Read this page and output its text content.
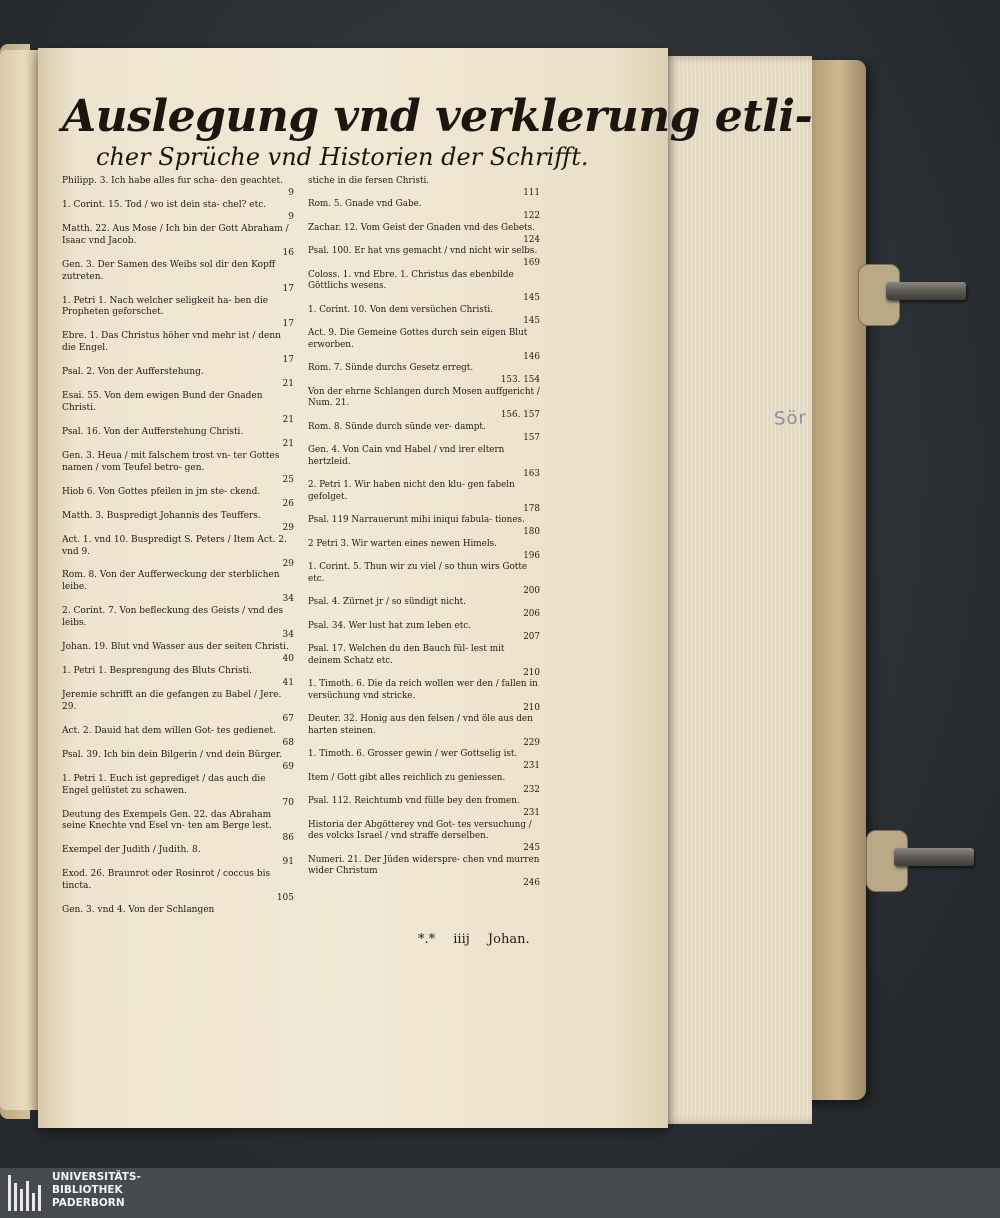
Sör
Auslegung vnd verklerung etli-
cher Sprüche vnd Historien der Schrifft.
Philipp. 3. Ich habe alles fur scha- den geachtet.
9
1. Corint. 15. Tod / wo ist dein sta- chel? etc.
9
Matth. 22. Aus Mose / Ich bin der Gott Abraham / Isaac vnd Jacob.
16
Gen. 3. Der Samen des Weibs sol dir den Kopff zutreten.
17
1. Petri 1. Nach welcher seligkeit ha- ben die Propheten geforschet.
17
Ebre. 1. Das Christus höher vnd mehr ist / denn die Engel.
17
Psal. 2. Von der Aufferstehung.
21
Esai. 55. Von dem ewigen Bund der Gnaden Christi.
21
Psal. 16. Von der Aufferstehung Christi.
21
Gen. 3. Heua / mit falschem trost vn- ter Gottes namen / vom Teufel betro- gen.
25
Hiob 6. Von Gottes pfeilen in jm ste- ckend.
26
Matth. 3. Buspredigt Johannis des Teuffers.
29
Act. 1. vnd 10. Buspredigt S. Peters / Item Act. 2. vnd 9.
29
Rom. 8. Von der Aufferweckung der sterblichen leibe.
34
2. Corint. 7. Von befleckung des Geists / vnd des leibs.
34
Johan. 19. Blut vnd Wasser aus der seiten Christi.
40
1. Petri 1. Besprengung des Bluts Christi.
41
Jeremie schrifft an die gefangen zu Babel / Jere. 29.
67
Act. 2. Dauid hat dem willen Got- tes gedienet.
68
Psal. 39. Ich bin dein Bilgerin / vnd dein Bürger.
69
1. Petri 1. Euch ist geprediget / das auch die Engel gelüstet zu schawen.
70
Deutung des Exempels Gen. 22. das Abraham seine Knechte vnd Esel vn- ten am Berge lest.
86
Exempel der Judith / Judith. 8.
91
Exod. 26. Braunrot oder Rosinrot / coccus bis tincta.
105
Gen. 3. vnd 4. Von der Schlangen
stiche in die fersen Christi.
111
Rom. 5. Gnade vnd Gabe.
122
Zachar. 12. Vom Geist der Gnaden vnd des Gebets.
124
Psal. 100. Er hat vns gemacht / vnd nicht wir selbs.
169
Coloss. 1. vnd Ebre. 1. Christus das ebenbilde Göttlichs wesens.
145
1. Corint. 10. Von dem versüchen Christi.
145
Act. 9. Die Gemeine Gottes durch sein eigen Blut erworben.
146
Rom. 7. Sünde durchs Gesetz erregt.
153. 154
Von der ehrne Schlangen durch Mosen auffgericht / Num. 21.
156. 157
Rom. 8. Sünde durch sünde ver- dampt.
157
Gen. 4. Von Cain vnd Habel / vnd irer eltern hertzleid.
163
2. Petri 1. Wir haben nicht den klu- gen fabeln gefolget.
178
Psal. 119 Narrauerunt mihi iniqui fabula- tiones.
180
2 Petri 3. Wir warten eines newen Himels.
196
1. Corint. 5. Thun wir zu viel / so thun wirs Gotte etc.
200
Psal. 4. Zürnet jr / so sündigt nicht.
206
Psal. 34. Wer lust hat zum leben etc.
207
Psal. 17. Welchen du den Bauch fül- lest mit deinem Schatz etc.
210
1. Timoth. 6. Die da reich wollen wer den / fallen in versüchung vnd stricke.
210
Deuter. 32. Honig aus den felsen / vnd öle aus den harten steinen.
229
1. Timoth. 6. Grosser gewin / wer Gottselig ist.
231
Item / Gott gibt alles reichlich zu geniessen.
232
Psal. 112. Reichtumb vnd fülle bey den fromen.
231
Historia der Abgötterey vnd Got- tes versuchung / des volcks Israel / vnd straffe derselben.
245
Numeri. 21. Der Jüden widerspre- chen vnd murren wider Christum
246
*.* iiij Johan.
UNIVERSITÄTS-
BIBLIOTHEK
PADERBORN
